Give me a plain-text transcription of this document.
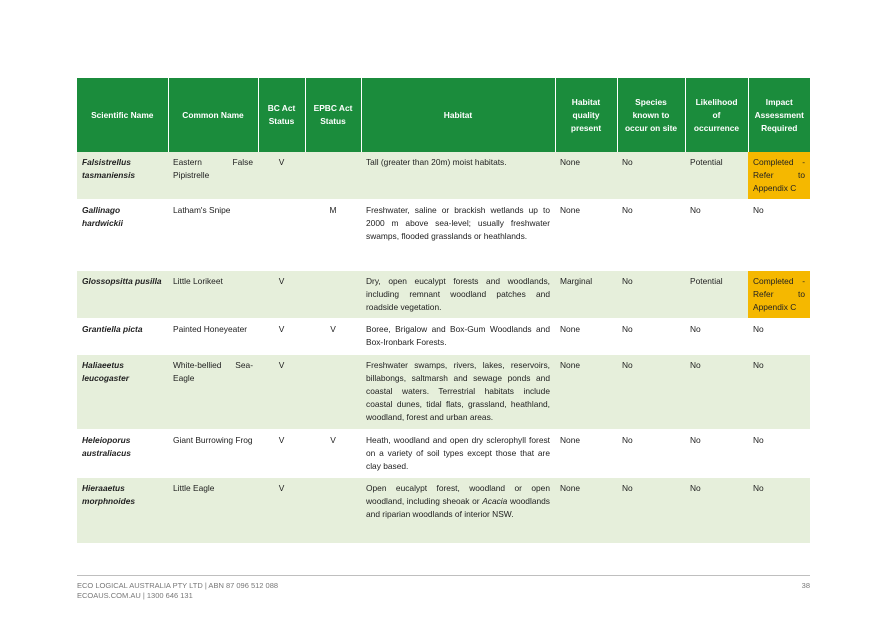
Scientific Name	Common Name	BC Act Status	EPBC Act Status	Habitat	Habitat quality present	Species known to occur on site	Likelihood of occurrence	Impact Assessment Required
Falsistrellus tasmaniensis	Eastern False Pipistrelle	V		Tall (greater than 20m) moist habitats.	None	No	Potential	Completed - Refer to Appendix C
Gallinago hardwickii	Latham's Snipe		M	Freshwater, saline or brackish wetlands up to 2000 m above sea-level; usually freshwater swamps, flooded grasslands or heathlands.	None	No	No	No
Glossopsitta pusilla	Little Lorikeet	V		Dry, open eucalypt forests and woodlands, including remnant woodland patches and roadside vegetation.	Marginal	No	Potential	Completed - Refer to Appendix C
Grantiella picta	Painted Honeyeater	V	V	Boree, Brigalow and Box-Gum Woodlands and Box-Ironbark Forests.	None	No	No	No
Haliaeetus leucogaster	White-bellied Sea-Eagle	V		Freshwater swamps, rivers, lakes, reservoirs, billabongs, saltmarsh and sewage ponds and coastal waters. Terrestrial habitats include coastal dunes, tidal flats, grassland, heathland, woodland, forest and urban areas.	None	No	No	No
Heleioporus australiacus	Giant Burrowing Frog	V	V	Heath, woodland and open dry sclerophyll forest on a variety of soil types except those that are clay based.	None	No	No	No
Hieraaetus morphnoides	Little Eagle	V		Open eucalypt forest, woodland or open woodland, including sheoak or Acacia woodlands and riparian woodlands of interior NSW.	None	No	No	No
ECO LOGICAL AUSTRALIA PTY LTD | ABN 87 096 512 088
ECOAUS.COM.AU | 1300 646 131
38
